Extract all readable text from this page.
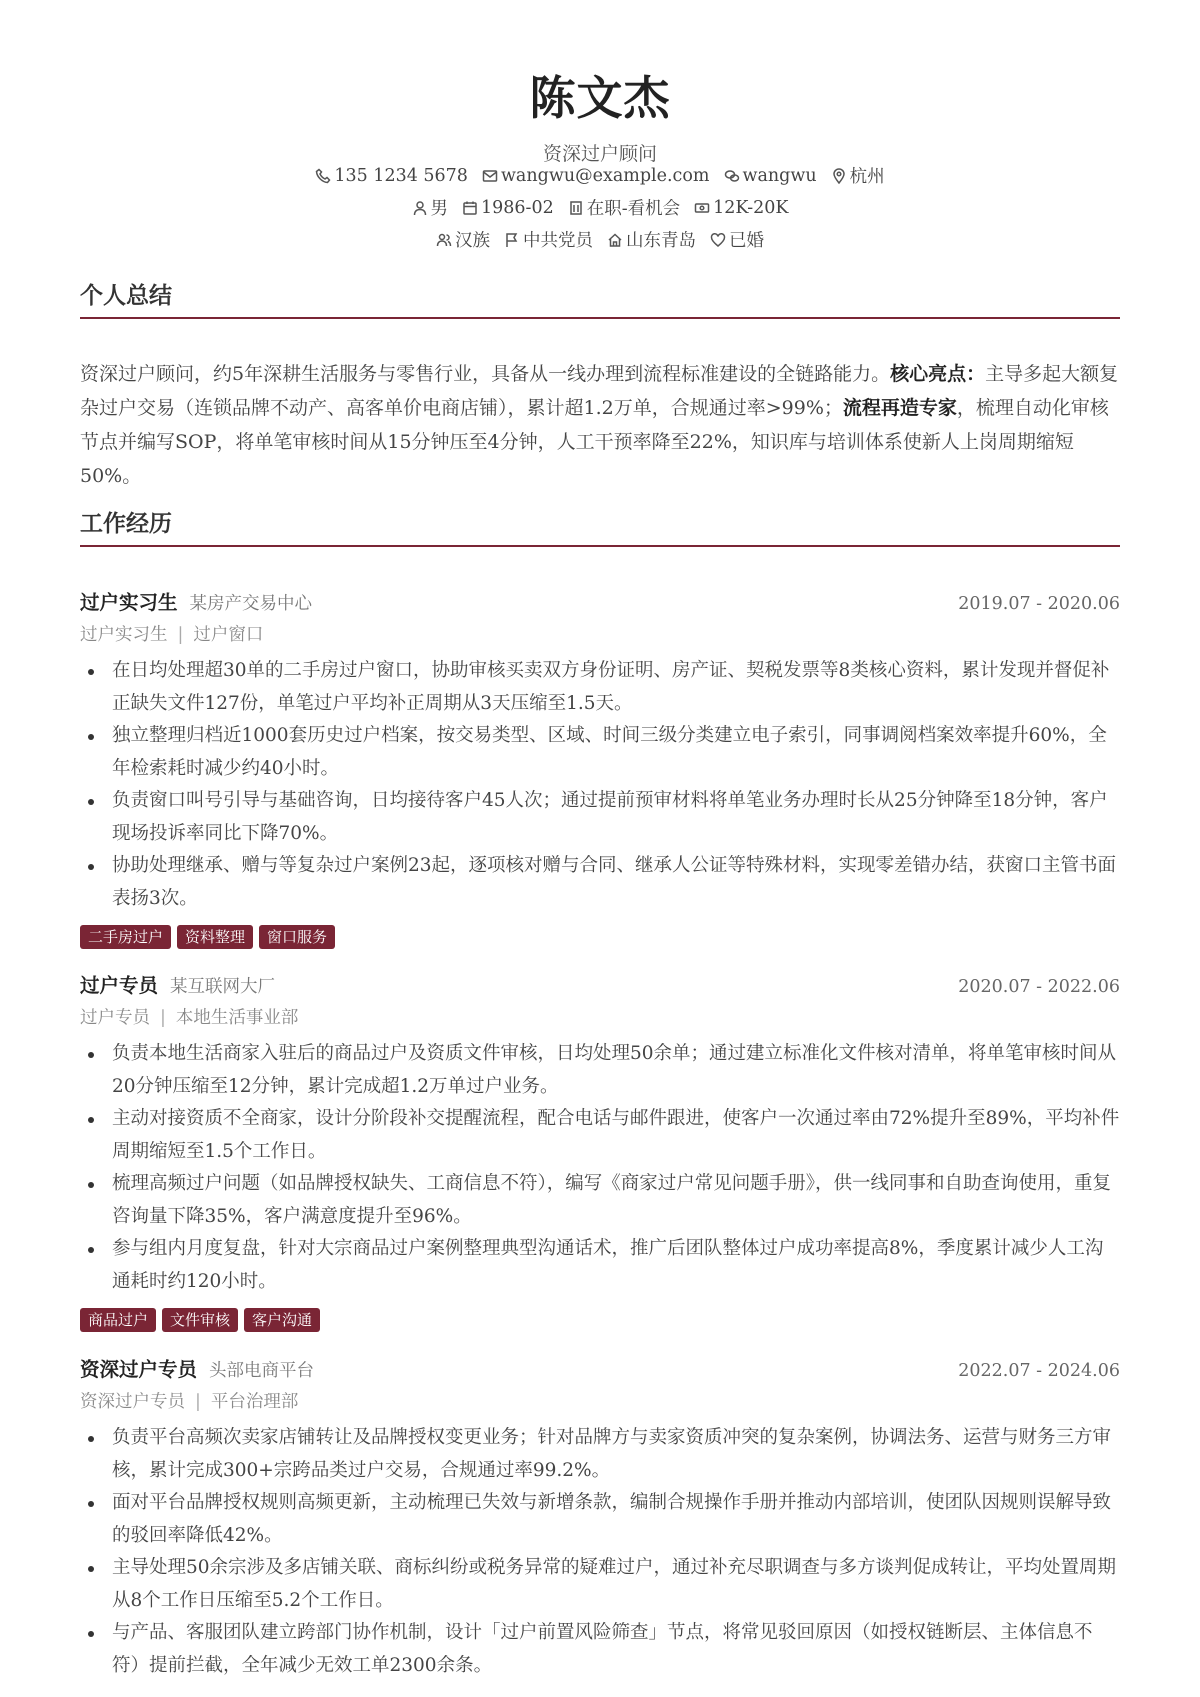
陈文杰
资深过户顾问
135 1234 5678 wangwu@example.com wangwu 杭州
男 1986-02 在职-看机会 12K-20K
汉族 中共党员 山东青岛 已婚
个人总结
资深过户顾问，约5年深耕生活服务与零售行业，具备从一线办理到流程标准建设的全链路能力。核心亮点：主导多起大额复杂过户交易（连锁品牌不动产、高客单价电商店铺），累计超1.2万单，合规通过率>99%；流程再造专家，梳理自动化审核节点并编写SOP，将单笔审核时间从15分钟压至4分钟，人工干预率降至22%，知识库与培训体系使新人上岗周期缩短50%。
工作经历
过户实习生 某房产交易中心	2019.07 - 2020.06
过户实习生 | 过户窗口
在日均处理超30单的二手房过户窗口，协助审核买卖双方身份证明、房产证、契税发票等8类核心资料，累计发现并督促补正缺失文件127份，单笔过户平均补正周期从3天压缩至1.5天。
独立整理归档近1000套历史过户档案，按交易类型、区域、时间三级分类建立电子索引，同事调阅档案效率提升60%，全年检索耗时减少约40小时。
负责窗口叫号引导与基础咨询，日均接待客户45人次；通过提前预审材料将单笔业务办理时长从25分钟降至18分钟，客户现场投诉率同比下降70%。
协助处理继承、赠与等复杂过户案例23起，逐项核对赠与合同、继承人公证等特殊材料，实现零差错办结，获窗口主管书面表扬3次。
二手房过户	资料整理	窗口服务
过户专员 某互联网大厂	2020.07 - 2022.06
过户专员 | 本地生活事业部
负责本地生活商家入驻后的商品过户及资质文件审核，日均处理50余单；通过建立标准化文件核对清单，将单笔审核时间从20分钟压缩至12分钟，累计完成超1.2万单过户业务。
主动对接资质不全商家，设计分阶段补交提醒流程，配合电话与邮件跟进，使客户一次通过率由72%提升至89%，平均补件周期缩短至1.5个工作日。
梳理高频过户问题（如品牌授权缺失、工商信息不符），编写《商家过户常见问题手册》，供一线同事和自助查询使用，重复咨询量下降35%，客户满意度提升至96%。
参与组内月度复盘，针对大宗商品过户案例整理典型沟通话术，推广后团队整体过户成功率提高8%，季度累计减少人工沟通耗时约120小时。
商品过户	文件审核	客户沟通
资深过户专员 头部电商平台	2022.07 - 2024.06
资深过户专员 | 平台治理部
负责平台高频次卖家店铺转让及品牌授权变更业务；针对品牌方与卖家资质冲突的复杂案例，协调法务、运营与财务三方审核，累计完成300+宗跨品类过户交易，合规通过率99.2%。
面对平台品牌授权规则高频更新，主动梳理已失效与新增条款，编制合规操作手册并推动内部培训，使团队因规则误解导致的驳回率降低42%。
主导处理50余宗涉及多店铺关联、商标纠纷或税务异常的疑难过户，通过补充尽职调查与多方谈判促成转让，平均处置周期从8个工作日压缩至5.2个工作日。
与产品、客服团队建立跨部门协作机制，设计「过户前置风险筛查」节点，将常见驳回原因（如授权链断层、主体信息不符）提前拦截，全年减少无效工单2300余条。
